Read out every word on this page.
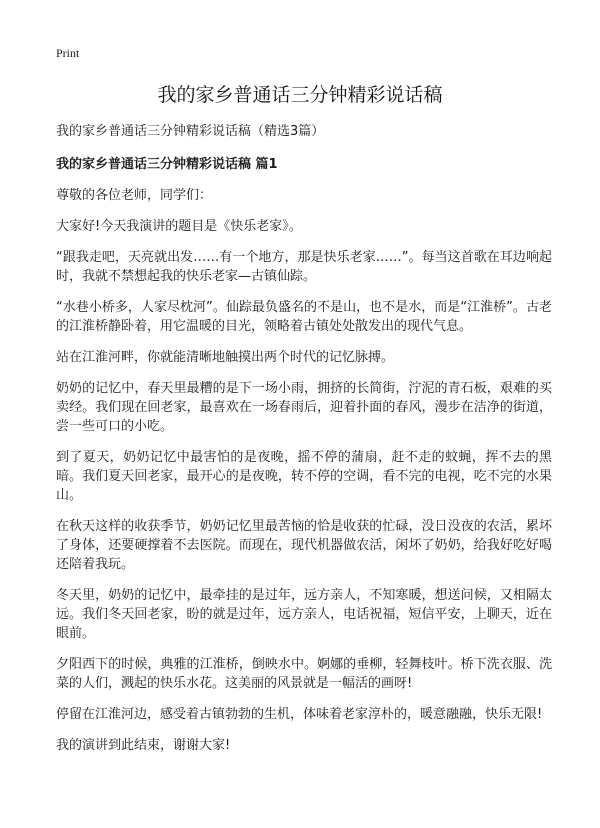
Print
我的家乡普通话三分钟精彩说话稿

我的家乡普通话三分钟精彩说话稿（精选3篇）

我的家乡普通话三分钟精彩说话稿 篇1

尊敬的各位老师，同学们：

大家好!今天我演讲的题目是《快乐老家》。

“跟我走吧，天亮就出发……有一个地方，那是快乐老家……”。每当这首歌在耳边响起时，我就不禁想起我的快乐老家—古镇仙踪。

“水巷小桥多，人家尽枕河”。仙踪最负盛名的不是山，也不是水，而是“江淮桥”。古老的江淮桥静卧着，用它温暖的目光，领略着古镇处处散发出的现代气息。

站在江淮河畔，你就能清晰地触摸出两个时代的记忆脉搏。

奶奶的记忆中，春天里最糟的是下一场小雨，拥挤的长简街，泞泥的青石板，艰难的买卖经。我们现在回老家，最喜欢在一场春雨后，迎着扑面的春风，漫步在洁净的街道，尝一些可口的小吃。

到了夏天，奶奶记忆中最害怕的是夜晚，摇不停的蒲扇，赶不走的蚊蝇，挥不去的黑暗。我们夏天回老家，最开心的是夜晚，转不停的空调，看不完的电视，吃不完的水果山。

在秋天这样的收获季节，奶奶记忆里最苦恼的恰是收获的忙碌，没日没夜的农活，累坏了身体，还要硬撑着不去医院。而现在，现代机器做农活，闲坏了奶奶，给我好吃好喝还陪着我玩。

冬天里，奶奶的记忆中，最牵挂的是过年，远方亲人，不知寒暖，想送问候，又相隔太远。我们冬天回老家，盼的就是过年，远方亲人，电话祝福，短信平安，上聊天，近在眼前。

夕阳西下的时候，典雅的江淮桥，倒映水中。婀娜的垂柳，轻舞枝叶。桥下洗衣服、洗菜的人们，溅起的快乐水花。这美丽的风景就是一幅活的画呀!

停留在江淮河边，感受着古镇勃勃的生机，体味着老家淳朴的，暖意融融，快乐无限!

我的演讲到此结束，谢谢大家!
